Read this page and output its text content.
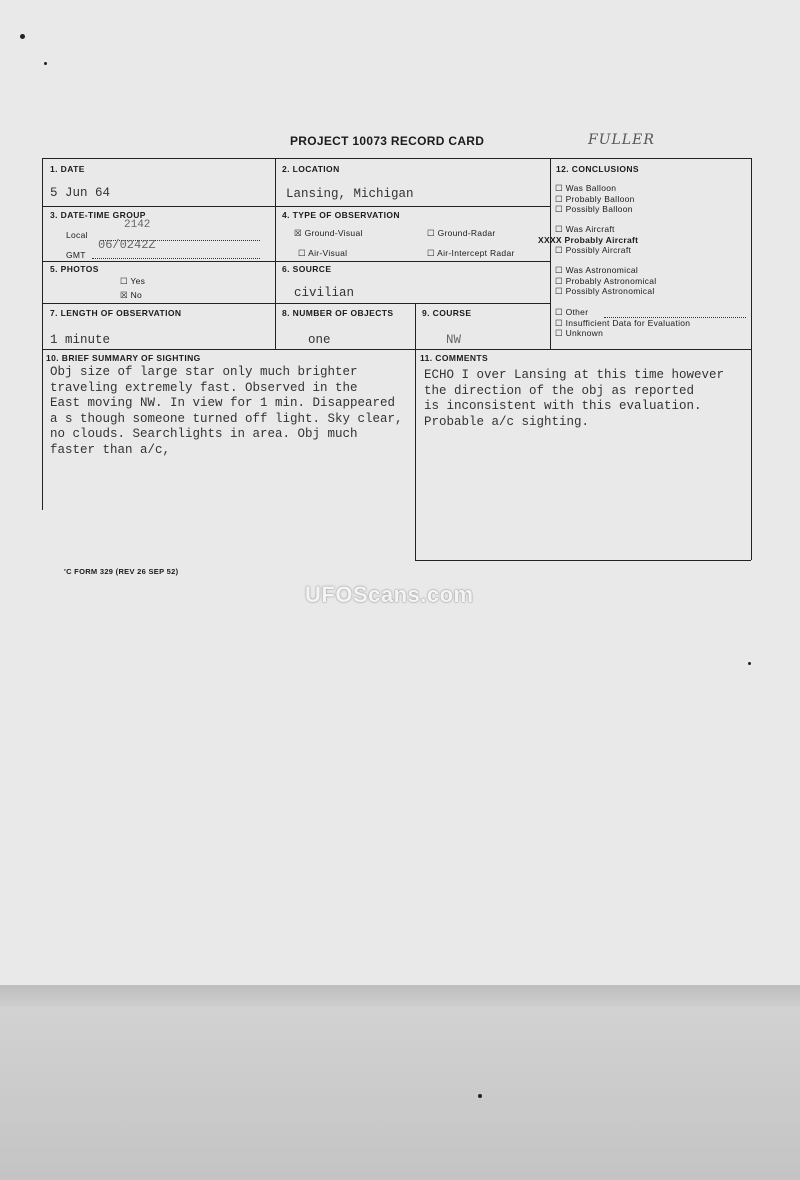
PROJECT 10073 RECORD CARD	FULLER
1. DATE
5 Jun 64
2. LOCATION
Lansing, Michigan
3. DATE-TIME GROUP
Local
2142
GMT
06/0242Z
4. TYPE OF OBSERVATION
☒ Ground-Visual	☐ Ground-Radar
☐ Air-Visual	☐ Air-Intercept Radar
5. PHOTOS
☐ Yes
☒ No
6. SOURCE
civilian
7. LENGTH OF OBSERVATION
1 minute
8. NUMBER OF OBJECTS
one
9. COURSE
NW
12. CONCLUSIONS
☐ Was Balloon
☐ Probably Balloon
☐ Possibly Balloon
☐ Was Aircraft
XXXX Probably Aircraft
☐ Possibly Aircraft
☐ Was Astronomical
☐ Probably Astronomical
☐ Possibly Astronomical
☐ Other
☐ Insufficient Data for Evaluation
☐ Unknown
10. BRIEF SUMMARY OF SIGHTING
Obj size of large star only much brighter
traveling extremely fast. Observed in the
East moving NW. In view for 1 min. Disappeared
a s though someone turned off light. Sky clear,
no clouds. Searchlights in area. Obj much
faster than a/c,
11. COMMENTS
ECHO I over Lansing at this time however
the direction of the obj as reported
is inconsistent with this evaluation.
Probable a/c sighting.
'C FORM 329 (REV 26 SEP 52)
UFOScans.com
